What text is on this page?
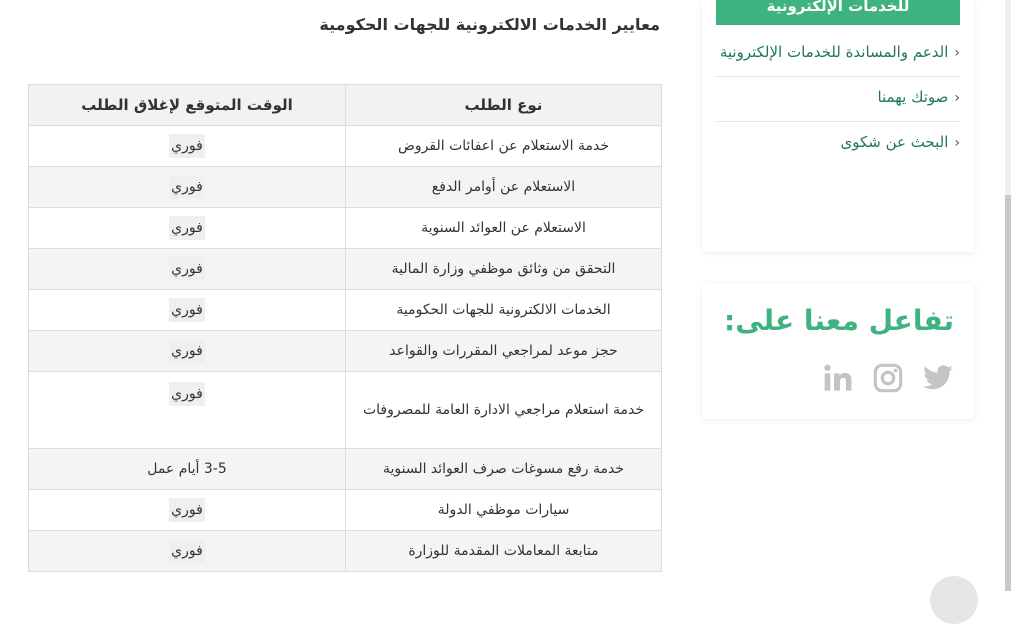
معايير الخدمات الالكترونية للجهات الحكومية
نوع الطلب	الوقت المتوقع لإغلاق الطلب
خدمة الاستعلام عن اعفائات القروض	فوري
الاستعلام عن أوامر الدفع	فوري
الاستعلام عن العوائد السنوية	فوري
التحقق من وثائق موظفي وزارة المالية	فوري
الخدمات الالكترونية للجهات الحكومية	فوري
حجز موعد لمراجعي المقررات والقواعد	فوري
خدمة استعلام مراجعي الادارة العامة للمصروفات	فوري
خدمة رفع مسوغات صرف العوائد السنوية	3-5 أيام عمل
سيارات موظفي الدولة	فوري
متابعة المعاملات المقدمة للوزارة	فوري
للخدمات الإلكترونية
‹الدعم والمساندة للخدمات الإلكترونية
‹صوتك يهمنا
‹البحث عن شكوى
تفاعل معنا على:
